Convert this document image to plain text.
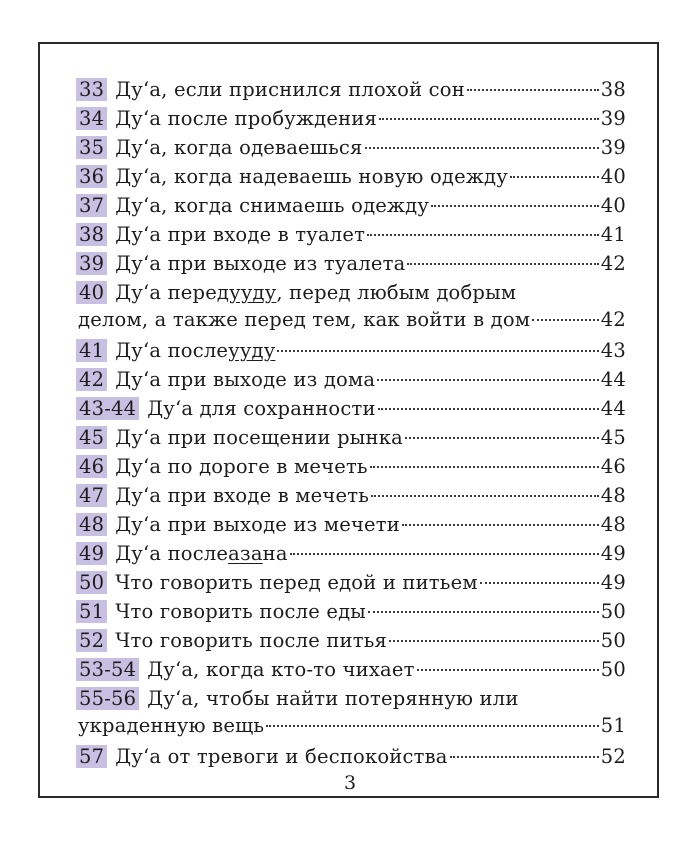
33 Ду‘а, если приснился плохой сон	38
34 Ду‘а после пробуждения	39
35 Ду‘а, когда одеваешься	39
36 Ду‘а, когда надеваешь новую одежду	40
37 Ду‘а, когда снимаешь одежду	40
38 Ду‘а при входе в туалет	41
39 Ду‘а при выходе из туалета	42
40 Ду‘а перед ууду , перед любым добрым
делом, а также перед тем, как войти в дом	42
41 Ду‘а после ууду	43
42 Ду‘а при выходе из дома	44
43-44 Ду‘а для сохранности	44
45 Ду‘а при посещении рынка	45
46 Ду‘а по дороге в мечеть	46
47 Ду‘а при входе в мечеть	48
48 Ду‘а при выходе из мечети	48
49 Ду‘а после аза на	49
50 Что говорить перед едой и питьем	49
51 Что говорить после еды	50
52 Что говорить после питья	50
53-54 Ду‘а, когда кто-то чихает	50
55-56 Ду‘а, чтобы найти потерянную или
украденную вещь	51
57 Ду‘а от тревоги и беспокойства	52
3
